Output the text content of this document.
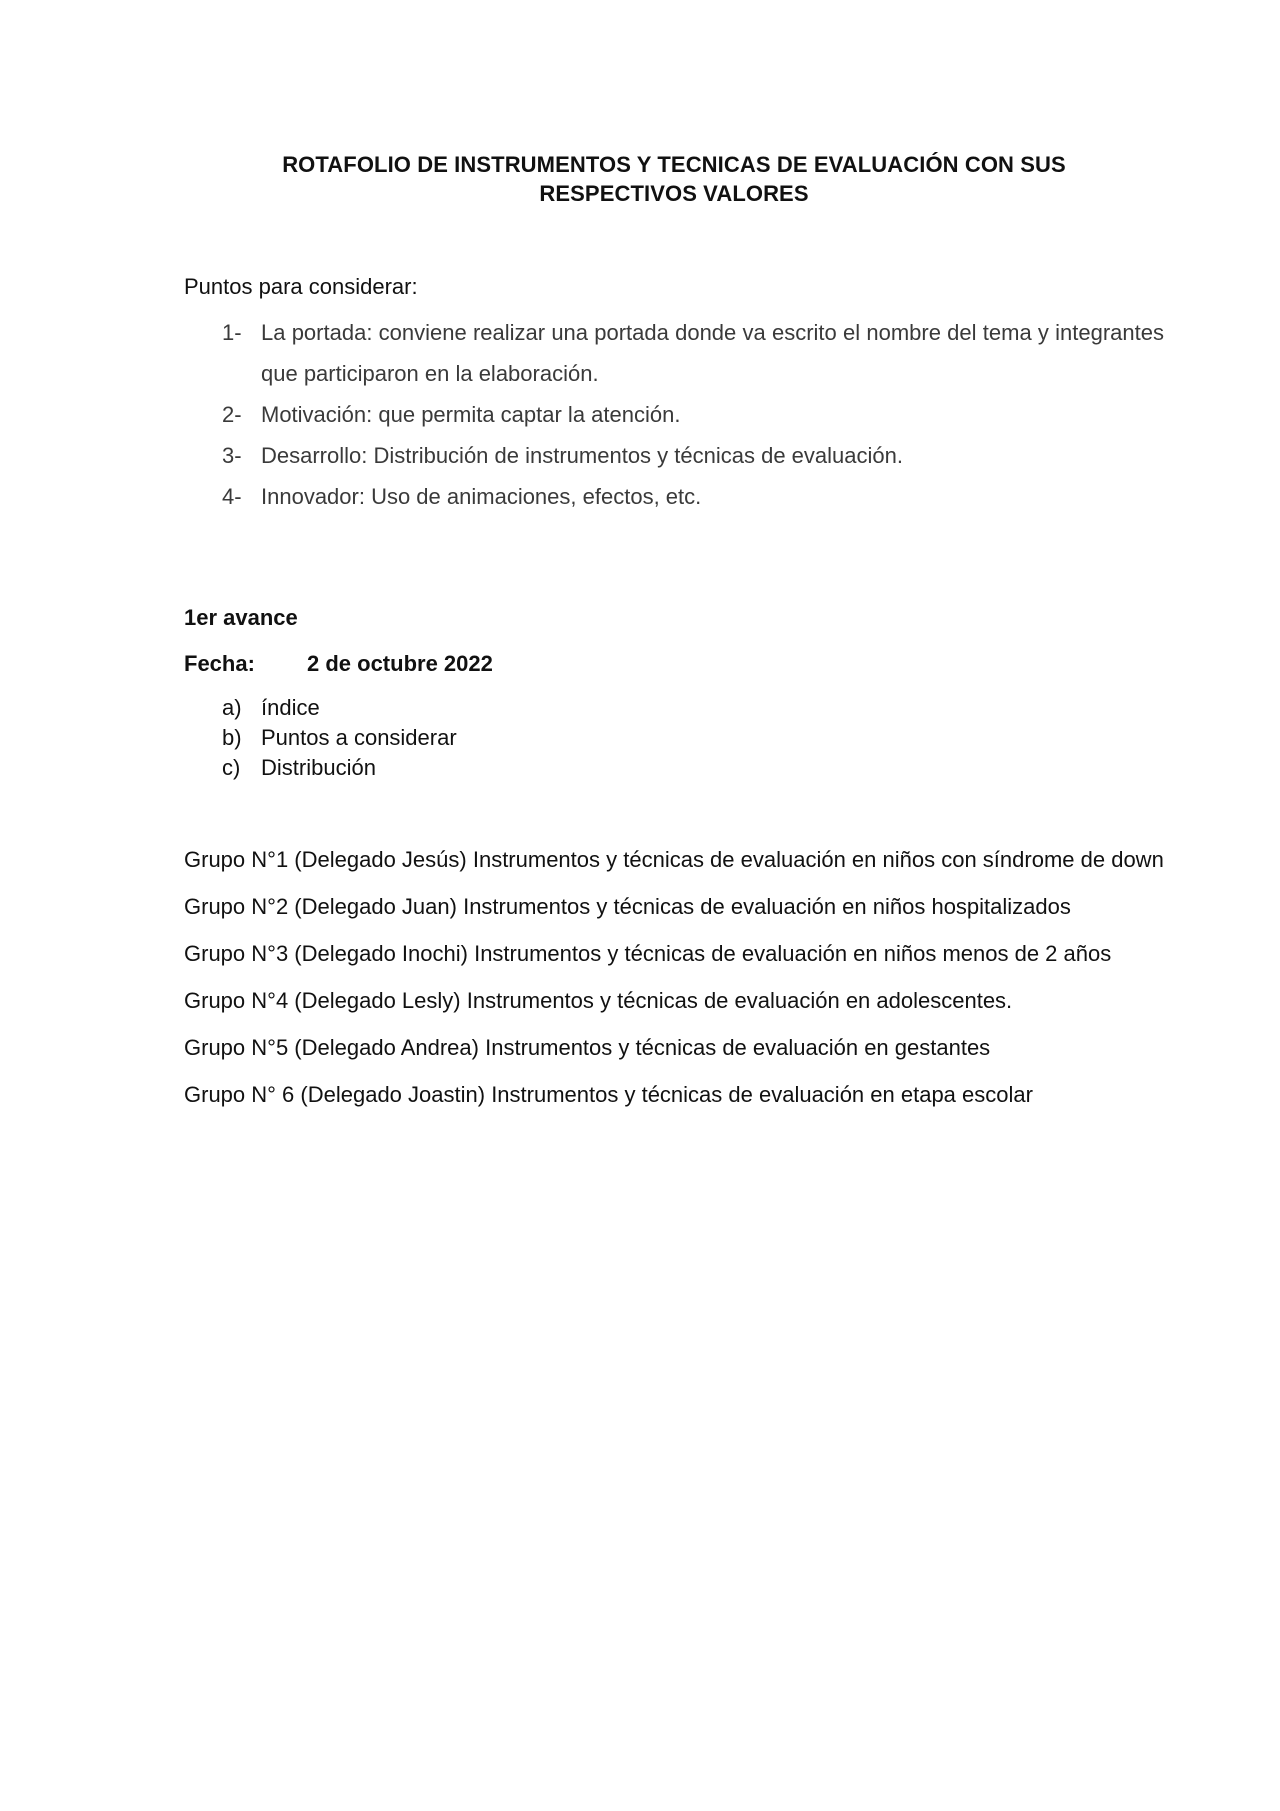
ROTAFOLIO DE INSTRUMENTOS Y TECNICAS DE EVALUACIÓN CON SUS
RESPECTIVOS VALORES
Puntos para considerar:
1- La portada: conviene realizar una portada donde va escrito el nombre del tema y integrantes que participaron en la elaboración.
2- Motivación: que permita captar la atención.
3- Desarrollo: Distribución de instrumentos y técnicas de evaluación.
4- Innovador: Uso de animaciones, efectos, etc.
1er avance
Fecha:	2 de octubre 2022
a) índice
b) Puntos a considerar
c) Distribución
Grupo N°1 (Delegado Jesús) Instrumentos y técnicas de evaluación en niños con síndrome de down
Grupo N°2 (Delegado Juan) Instrumentos y técnicas de evaluación en niños hospitalizados
Grupo N°3 (Delegado Inochi) Instrumentos y técnicas de evaluación en niños menos de 2 años
Grupo N°4 (Delegado Lesly) Instrumentos y técnicas de evaluación en adolescentes.
Grupo N°5 (Delegado Andrea) Instrumentos y técnicas de evaluación en gestantes
Grupo N° 6 (Delegado Joastin) Instrumentos y técnicas de evaluación en etapa escolar
